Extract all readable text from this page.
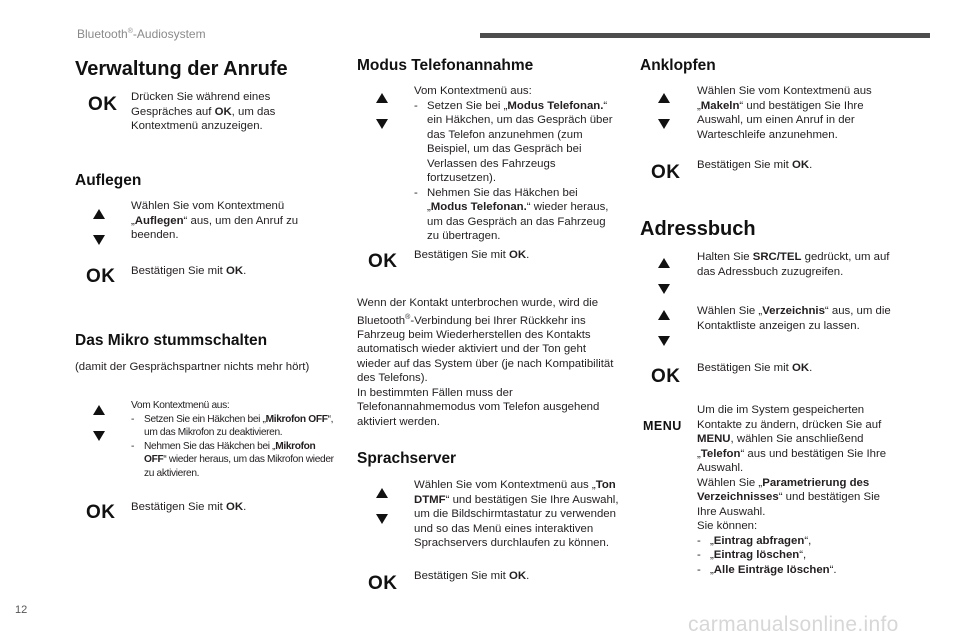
Bluetooth®-Audiosystem
Verwaltung der Anrufe
OK Drücken Sie während eines Gespräches auf OK, um das Kontextmenü anzuzeigen.
Auflegen
Wählen Sie vom Kontextmenü „Auflegen“ aus, um den Anruf zu beenden.
OK Bestätigen Sie mit OK.
Das Mikro stummschalten
(damit der Gesprächspartner nichts mehr hört)
Vom Kontextmenü aus:
- Setzen Sie ein Häkchen bei „Mikrofon OFF“, um das Mikrofon zu deaktivieren.
- Nehmen Sie das Häkchen bei „Mikrofon OFF“ wieder heraus, um das Mikrofon wieder zu aktivieren.
OK Bestätigen Sie mit OK.
Modus Telefonannahme
Vom Kontextmenü aus:
- Setzen Sie bei „Modus Telefonan.“ ein Häkchen, um das Gespräch über das Telefon anzunehmen (zum Beispiel, um das Gespräch bei Verlassen des Fahrzeugs fortzusetzen).
- Nehmen Sie das Häkchen bei „Modus Telefonan.“ wieder heraus, um das Gespräch an das Fahrzeug zu übertragen.
OK Bestätigen Sie mit OK.
Wenn der Kontakt unterbrochen wurde, wird die Bluetooth®-Verbindung bei Ihrer Rückkehr ins Fahrzeug beim Wiederherstellen des Kontakts automatisch wieder aktiviert und der Ton geht wieder auf das System über (je nach Kompatibilität des Telefons).
In bestimmten Fällen muss der Telefonannahmemodus vom Telefon ausgehend aktiviert werden.
Sprachserver
Wählen Sie vom Kontextmenü aus „Ton DTMF“ und bestätigen Sie Ihre Auswahl, um die Bildschirmtastatur zu verwenden und so das Menü eines interaktiven Sprachservers durchlaufen zu können.
OK Bestätigen Sie mit OK.
Anklopfen
Wählen Sie vom Kontextmenü aus „Makeln“ und bestätigen Sie Ihre Auswahl, um einen Anruf in der Warteschleife anzunehmen.
OK Bestätigen Sie mit OK.
Adressbuch
Halten Sie SRC/TEL gedrückt, um auf das Adressbuch zuzugreifen.
Wählen Sie „Verzeichnis“ aus, um die Kontaktliste anzeigen zu lassen.
OK Bestätigen Sie mit OK.
MENU
Um die im System gespeicherten Kontakte zu ändern, drücken Sie auf MENU, wählen Sie anschließend „Telefon“ aus und bestätigen Sie Ihre Auswahl.
Wählen Sie „Parametrierung des Verzeichnisses“ und bestätigen Sie Ihre Auswahl.
Sie können:
- „Eintrag abfragen“,
- „Eintrag löschen“,
- „Alle Einträge löschen“.
12
carmanualsonline.info
